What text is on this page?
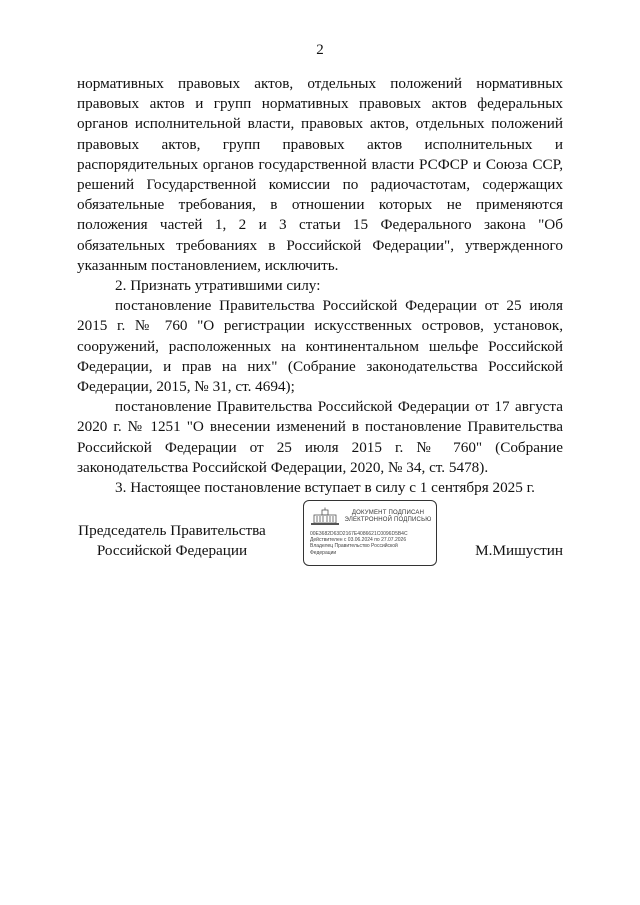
2

нормативных правовых актов, отдельных положений нормативных правовых актов и групп нормативных правовых актов федеральных органов исполнительной власти, правовых актов, отдельных положений правовых актов, групп правовых актов исполнительных и распорядительных органов государственной власти РСФСР и Союза ССР, решений Государственной комиссии по радиочастотам, содержащих обязательные требования, в отношении которых не применяются положения частей 1, 2 и 3 статьи 15 Федерального закона "Об обязательных требованиях в Российской Федерации", утвержденного указанным постановлением, исключить.

2. Признать утратившими силу:

постановление Правительства Российской Федерации от 25 июля 2015 г. № 760 "О регистрации искусственных островов, установок, сооружений, расположенных на континентальном шельфе Российской Федерации, и прав на них" (Собрание законодательства Российской Федерации, 2015, № 31, ст. 4694);

постановление Правительства Российской Федерации от 17 августа 2020 г. № 1251 "О внесении изменений в постановление Правительства Российской Федерации от 25 июля 2015 г. № 760" (Собрание законодательства Российской Федерации, 2020, № 34, ст. 5478).

3. Настоящее постановление вступает в силу с 1 сентября 2025 г.

Председатель Правительства
Российской Федерации
ДОКУМЕНТ ПОДПИСАН
ЭЛЕКТРОННОЙ ПОДПИСЬЮ
00E3682D63D2167E4086621C0096D5B4C
Действителен с 03.06.2024 по 27.07.2026
Владелец Правительство Российской
Федерации	М.Мишустин
